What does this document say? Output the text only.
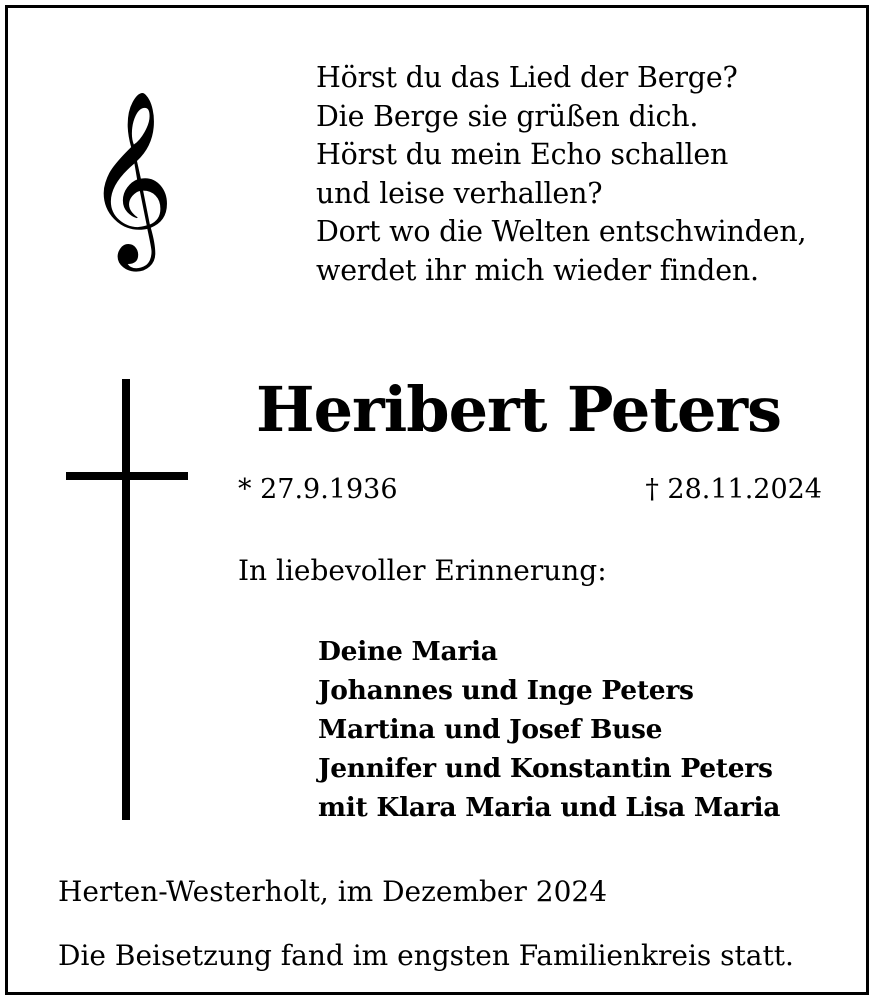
𝄞
Hörst du das Lied der Berge?
Die Berge sie grüßen dich.
Hörst du mein Echo schallen
und leise verhallen?
Dort wo die Welten entschwinden,
werdet ihr mich wieder finden.
Heribert Peters
* 27.9.1936	† 28.11.2024
In liebevoller Erinnerung:
Deine Maria
Johannes und Inge Peters
Martina und Josef Buse
Jennifer und Konstantin Peters
mit Klara Maria und Lisa Maria
Herten-Westerholt, im Dezember 2024
Die Beisetzung fand im engsten Familienkreis statt.
